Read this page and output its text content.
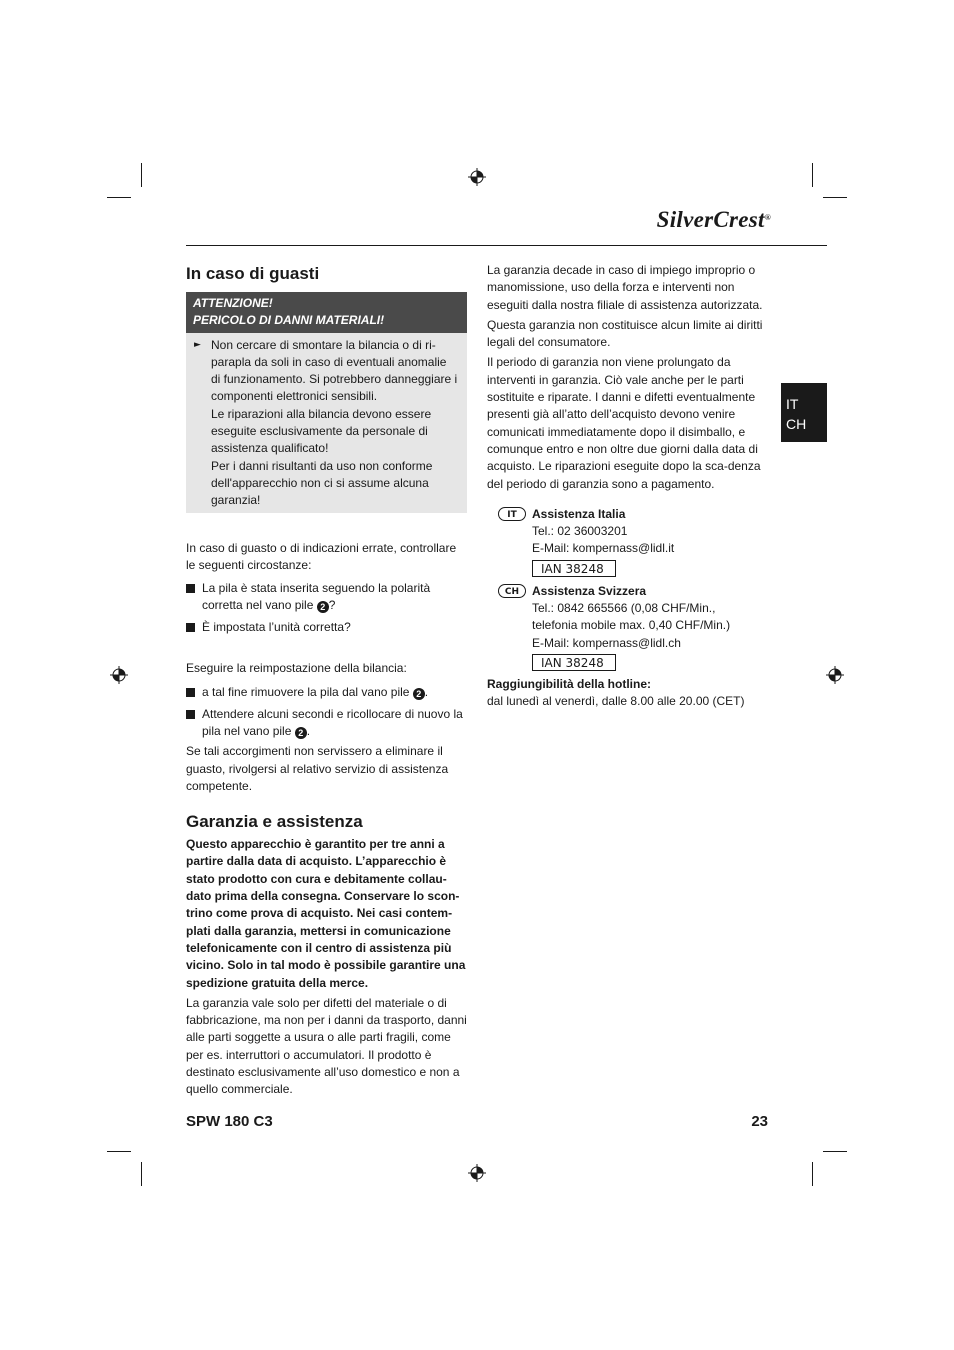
SilverCrest®
IT
CH
In caso di guasti
ATTENZIONE!
PERICOLO DI DANNI MATERIALI!
► Non cercare di smontare la bilancia o di ri-parарla da soli in caso di eventuali anomalie di funzionamento. Si potrebbero danneggiare i componenti elettronici sensibili.

Le riparazioni alla bilancia devono essere eseguite esclusivamente da personale di assistenza qualificato!

Per i danni risultanti da uso non conforme dell'apparecchio non ci si assume alcuna garanzia!

In caso di guasto o di indicazioni errate, controllare le seguenti circostanze:

La pila è stata inserita seguendo la polarità corretta nel vano pile 2 ?
È impostata l’unità corretta?

Eseguire la reimpostazione della bilancia:

a tal fine rimuovere la pila dal vano pile 2 .
Attendere alcuni secondi e ricollocare di nuovo la pila nel vano pile 2 .

Se tali accorgimenti non servissero a eliminare il guasto, rivolgersi al relativo servizio di assistenza competente.

Garanzia e assistenza

Questo apparecchio è garantito per tre anni a partire dalla data di acquisto. L’apparecchio è stato prodotto con cura e debitamente collau-dato prima della consegna. Conservare lo scon-trino come prova di acquisto. Nei casi contem-plati dalla garanzia, mettersi in comunicazione telefonicamente con il centro di assistenza più vicino. Solo in tal modo è possibile garantire una spedizione gratuita della merce.

La garanzia vale solo per difetti del materiale o di fabbricazione, ma non per i danni da trasporto, danni alle parti soggette a usura o alle parti fragili, come per es. interruttori o accumulatori. Il prodotto è destinato esclusivamente all’uso domestico e non a quello commerciale.

La garanzia decade in caso di impiego improprio o manomissione, uso della forza e interventi non eseguiti dalla nostra filiale di assistenza autorizzata.

Questa garanzia non costituisce alcun limite ai diritti legali del consumatore.

Il periodo di garanzia non viene prolungato da interventi in garanzia. Ciò vale anche per le parti sostituite e riparate. I danni e difetti eventualmente presenti già all’atto dell’acquisto devono venire comunicati immediatamente dopo il disimballo, e comunque entro e non oltre due giorni dalla data di acquisto. Le riparazioni eseguite dopo la sca-denza del periodo di garanzia sono a pagamento.

IT	Assistenza Italia

Tel.: 02 36003201

E-Mail: kompernass@lidl.it

IAN 38248
CH	Assistenza Svizzera

Tel.: 0842 665566 (0,08 CHF/Min.,

telefonia mobile max. 0,40 CHF/Min.)

E-Mail: kompernass@lidl.ch

IAN 38248

Raggiungibilità della hotline:

dal lunedì al venerdì, dalle 8.00 alle 20.00 (CET)

SPW 180 C3	23
